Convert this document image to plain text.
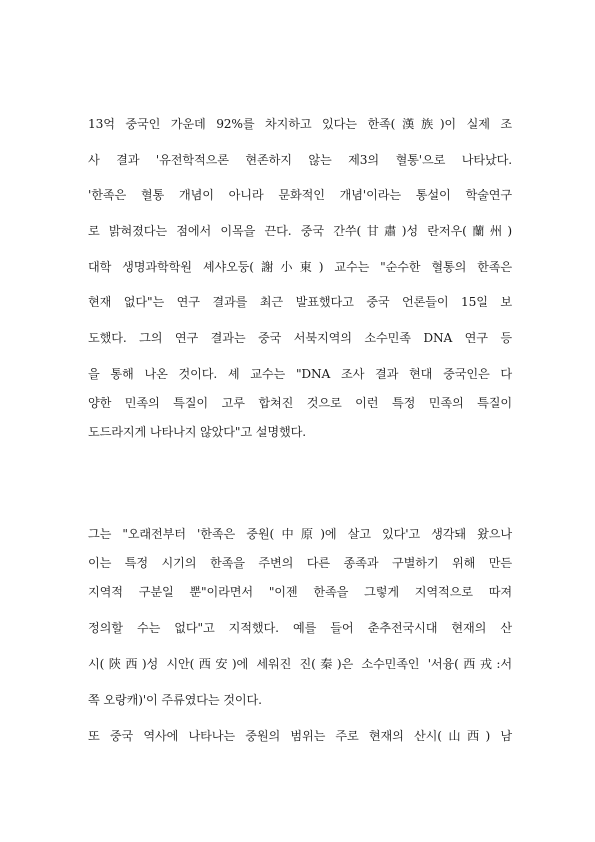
13억 중국인 가운데 92%를 차지하고 있다는 한족(漢族)이 실제 조
사 결과 '유전학적으론 현존하지 않는 제3의 혈통'으로 나타났다.
'한족은 혈통 개념이 아니라 문화적인 개념'이라는 통설이 학술연구
로 밝혀졌다는 점에서 이목을 끈다. 중국 간쑤(甘肅)성 란저우(蘭州)
대학 생명과학학원 셰샤오둥(謝小東) 교수는 "순수한 혈통의 한족은
현재 없다"는 연구 결과를 최근 발표했다고 중국 언론들이 15일 보
도했다. 그의 연구 결과는 중국 서북지역의 소수민족 DNA 연구 등
을 통해 나온 것이다. 셰 교수는 "DNA 조사 결과 현대 중국인은 다
양한 민족의 특질이 고루 합쳐진 것으로 이런 특정 민족의 특질이
도드라지게 나타나지 않았다"고 설명했다.
그는 "오래전부터 '한족은 중원(中原)에 살고 있다'고 생각돼 왔으나
이는 특정 시기의 한족을 주변의 다른 종족과 구별하기 위해 만든
지역적 구분일 뿐"이라면서 "이젠 한족을 그렇게 지역적으로 따져
정의할 수는 없다"고 지적했다. 예를 들어 춘추전국시대 현재의 산
시(陝西)성 시안(西安)에 세워진 진(秦)은 소수민족인 '서융(西戎:서
쪽 오랑캐)'이 주류였다는 것이다.
또 중국 역사에 나타나는 중원의 범위는 주로 현재의 산시(山西) 남
